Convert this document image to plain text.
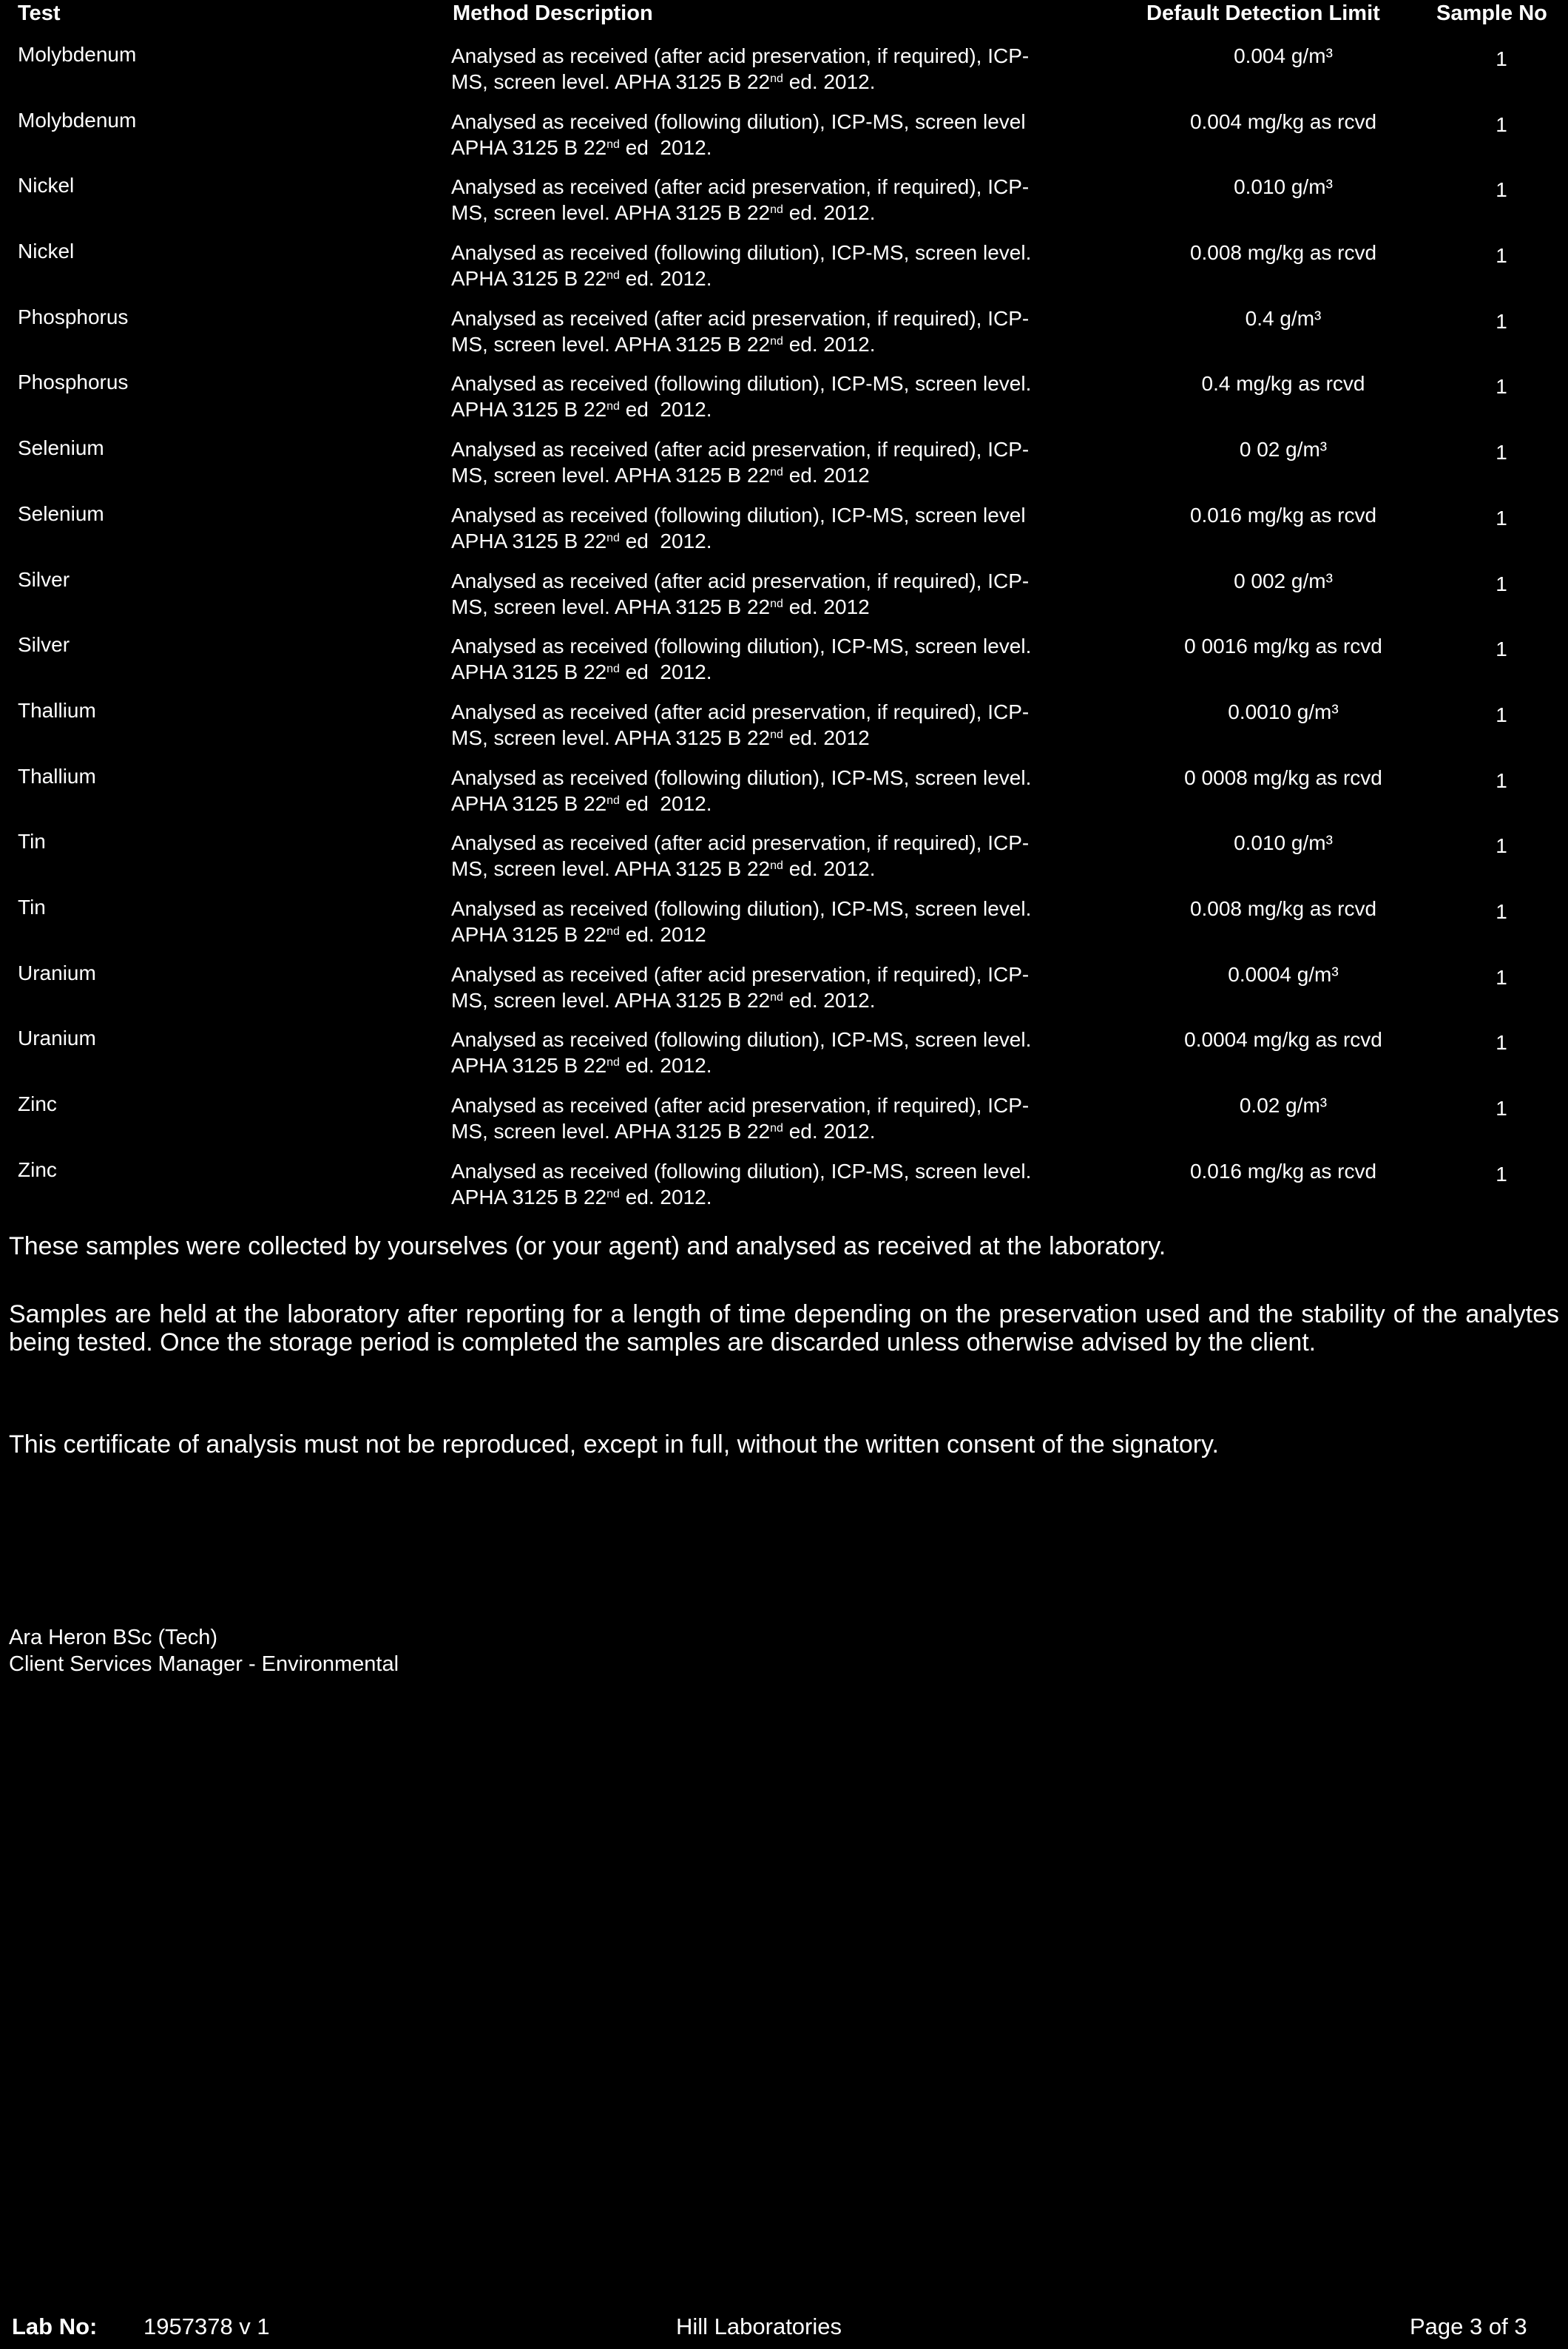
Test	Method Description	Default Detection Limit	Sample No
Molybdenum	Analysed as received (after acid preservation, if required), ICP-
MS, screen level. APHA 3125 B 22nd ed. 2012.
0.004 g/m³	1
Molybdenum	Analysed as received (following dilution), ICP-MS, screen level
APHA 3125 B 22nd ed  2012.
0.004 mg/kg as rcvd	1
Nickel	Analysed as received (after acid preservation, if required), ICP-
MS, screen level. APHA 3125 B 22nd ed. 2012.
0.010 g/m³	1
Nickel	Analysed as received (following dilution), ICP-MS, screen level.
APHA 3125 B 22nd ed. 2012.
0.008 mg/kg as rcvd	1
Phosphorus	Analysed as received (after acid preservation, if required), ICP-
MS, screen level. APHA 3125 B 22nd ed. 2012.
0.4 g/m³	1
Phosphorus	Analysed as received (following dilution), ICP-MS, screen level.
APHA 3125 B 22nd ed  2012.
0.4 mg/kg as rcvd	1
Selenium	Analysed as received (after acid preservation, if required), ICP-
MS, screen level. APHA 3125 B 22nd ed. 2012
0 02 g/m³	1
Selenium	Analysed as received (following dilution), ICP-MS, screen level
APHA 3125 B 22nd ed  2012.
0.016 mg/kg as rcvd	1
Silver	Analysed as received (after acid preservation, if required), ICP-
MS, screen level. APHA 3125 B 22nd ed. 2012
0 002 g/m³	1
Silver	Analysed as received (following dilution), ICP-MS, screen level.
APHA 3125 B 22nd ed  2012.
0 0016 mg/kg as rcvd	1
Thallium	Analysed as received (after acid preservation, if required), ICP-
MS, screen level. APHA 3125 B 22nd ed. 2012
0.0010 g/m³	1
Thallium	Analysed as received (following dilution), ICP-MS, screen level.
APHA 3125 B 22nd ed  2012.
0 0008 mg/kg as rcvd	1
Tin	Analysed as received (after acid preservation, if required), ICP-
MS, screen level. APHA 3125 B 22nd ed. 2012.
0.010 g/m³	1
Tin	Analysed as received (following dilution), ICP-MS, screen level.
APHA 3125 B 22nd ed. 2012
0.008 mg/kg as rcvd	1
Uranium	Analysed as received (after acid preservation, if required), ICP-
MS, screen level. APHA 3125 B 22nd ed. 2012.
0.0004 g/m³	1
Uranium	Analysed as received (following dilution), ICP-MS, screen level.
APHA 3125 B 22nd ed. 2012.
0.0004 mg/kg as rcvd	1
Zinc	Analysed as received (after acid preservation, if required), ICP-
MS, screen level. APHA 3125 B 22nd ed. 2012.
0.02 g/m³	1
Zinc	Analysed as received (following dilution), ICP-MS, screen level.
APHA 3125 B 22nd ed. 2012.
0.016 mg/kg as rcvd	1
These samples were collected by yourselves (or your agent) and analysed as received at the laboratory.
Samples are held at the laboratory after reporting for a length of time depending on the preservation used and the stability of the analytes being tested. Once the storage period is completed the samples are discarded unless otherwise advised by the client.
This certificate of analysis must not be reproduced, except in full, without the written consent of the signatory.
Ara Heron BSc (Tech)
Client Services Manager - Environmental
Lab No: 1957378 v 1	Hill Laboratories	Page 3 of 3
